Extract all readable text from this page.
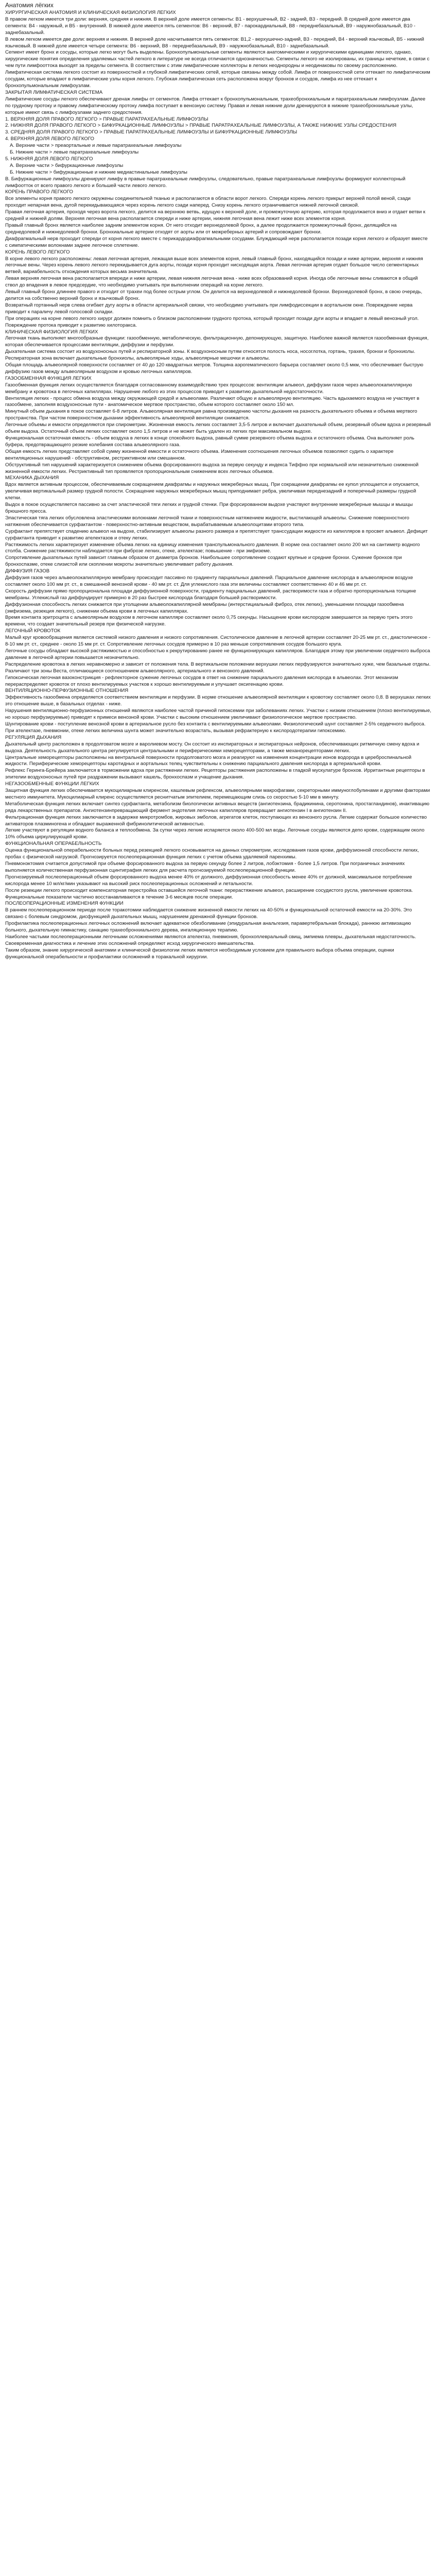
Анатомия лёгких
ХИРУРГИЧЕСКАЯ АНАТОМИЯ И КЛИНИЧЕСКАЯ ФИЗИОЛОГИЯ ЛЕГКИХ
В правом легком имеется три доли: верхняя, средняя и нижняя. В верхней доле имеется сегменты: В1 - верхушечный, В2 - задний, В3 - передний. В средней доле имеется два сегмента: В4 - наружный, и В5 - внутренний. В нижней доле имеется пять сегментов: В6 - верхний, В7 - парокардиальный, В8 - переднебазальный, В9 - наружнобазальный, В10 - заднебазальный.
В левом легком имеется две доли: верхняя и нижняя. В верхней доле насчитывается пять сегментов: В1,2 - верхушечно-задний, В3 - передний, В4 - верхний язычковый, В5 - нижний язычковый. В нижней доле имеется четыре сегмента: В6 - верхний, В8 - переднебазальный, В9 - наружнобазальный, В10 - заднебазальный.
Сегмент имеет бронх и сосуды, которые легко могут быть выделены. Бронхопульмональные сегменты являются анатомическими и хирургическими единицами легкого, однако, хирургические понятия определения удаляемых частей легкого в литературе не всегда отличаются однозначностью. Сегменты легкого не изолированы, их границы нечеткие, в связи с чем пути лимфооттока выходят за пределы сегмента. В соответствии с этим лимфатические коллекторы в легких неоднородны и неодинаковы по своему расположению.
Лимфатическая система легкого состоит из поверхностной и глубокой лимфатических сетей, которые связаны между собой. Лимфа от поверхностной сети оттекает по лимфатическим сосудам, которые впадают в лимфатические узлы корня легкого. Глубокая лимфатическая сеть расположена вокруг бронхов и сосудов, лимфа из нее оттекает к бронхопульмональным лимфоузлам.
ЗАКРЫТАЯ ЛИМФАТИЧЕСКАЯ СИСТЕМА
Лимфатические сосуды легкого обеспечивают дренаж лимфы от сегментов. Лимфа оттекает к бронхопульмональным, трахеобронхиальным и паратрахеальным лимфоузлам. Далее по грудному протоку и правому лимфатическому протоку лимфа поступает в венозную систему. Правая и левая нижние доли дренируются в нижние трахеобронхиальные узлы, которые имеют связь с лимфоузлами заднего средостения.
1. ВЕРХНЯЯ ДОЛЯ ПРАВОГО ЛЕГКОГО > ПРАВЫЕ ПАРАТРАХЕАЛЬНЫЕ ЛИМФОУЗЛЫ
2. НИЖНЯЯ ДОЛЯ ПРАВОГО ЛЕГКОГО > БИФУРКАЦИОННЫЕ ЛИМФОУЗЛЫ > ПРАВЫЕ ПАРАТРАХЕАЛЬНЫЕ ЛИМФОУЗЛЫ, А ТАКЖЕ НИЖНИЕ УЗЛЫ СРЕДОСТЕНИЯ
3. СРЕДНЯЯ ДОЛЯ ПРАВОГО ЛЕГКОГО > ПРАВЫЕ ПАРАТРАХЕАЛЬНЫЕ ЛИМФОУЗЛЫ И БИФУРКАЦИОННЫЕ ЛИМФОУЗЛЫ
4. ВЕРХНЯЯ ДОЛЯ ЛЕВОГО ЛЕГКОГО
А. Верхние части > преаортальные и левые паратрахеальные лимфоузлы
Б. Нижние части > левые паратрахеальные лимфоузлы
5. НИЖНЯЯ ДОЛЯ ЛЕВОГО ЛЕГКОГО
А. Верхние части > бифуркационные лимфоузлы
Б. Нижние части > бифуркационные и нижние медиастинальные лимфоузлы
В. Бифуркационные лимфоузлы дренируют лимфу в правые паратрахеальные лимфоузлы, следовательно, правые паратрахеальные лимфоузлы формируют коллекторный лимфоотток от всего правого легкого и большей части левого легкого.
КОРЕНЬ ПРАВОГО ЛЕГКОГО
Все элементы корня правого легкого окружены соединительной тканью и располагаются в области ворот легкого. Спереди корень легкого прикрыт верхней полой веной, сзади проходит непарная вена, дугой перекидывающаяся через корень легкого сзади наперед. Снизу корень легкого ограничивается нижней легочной связкой.
Правая легочная артерия, проходя через ворота легкого, делится на верхнюю ветвь, идущую к верхней доле, и промежуточную артерию, которая продолжается вниз и отдает ветви к средней и нижней долям. Верхняя легочная вена располагается спереди и ниже артерии, нижняя легочная вена лежит ниже всех элементов корня.
Правый главный бронх является наиболее задним элементом корня. От него отходит верхнедолевой бронх, а далее продолжается промежуточный бронх, делящийся на среднедолевой и нижнедолевой бронхи. Бронхиальные артерии отходят от аорты или от межреберных артерий и сопровождают бронхи.
Диафрагмальный нерв проходит спереди от корня легкого вместе с перикардодиафрагмальными сосудами. Блуждающий нерв располагается позади корня легкого и образует вместе с симпатическими волокнами заднее легочное сплетение.
КОРЕНЬ ЛЕВОГО ЛЕГКОГО
В корне левого легкого расположены: левая легочная артерия, лежащая выше всех элементов корня, левый главный бронх, находящийся позади и ниже артерии, верхняя и нижняя легочные вены. Через корень левого легкого перекидывается дуга аорты, позади корня проходит нисходящая аорта. Левая легочная артерия отдает большое число сегментарных ветвей, вариабельность отхождения которых весьма значительна.
Левая верхняя легочная вена располагается впереди и ниже артерии, левая нижняя легочная вена - ниже всех образований корня. Иногда обе легочные вены сливаются в общий ствол до впадения в левое предсердие, что необходимо учитывать при выполнении операций на корне легкого.
Левый главный бронх длиннее правого и отходит от трахеи под более острым углом. Он делится на верхнедолевой и нижнедолевой бронхи. Верхнедолевой бронх, в свою очередь, делится на собственно верхний бронх и язычковый бронх.
Возвратный гортанный нерв слева огибает дугу аорты в области артериальной связки, что необходимо учитывать при лимфодиссекции в аортальном окне. Повреждение нерва приводит к параличу левой голосовой складки.
При операциях на корне левого легкого хирург должен помнить о близком расположении грудного протока, который проходит позади дуги аорты и впадает в левый венозный угол. Повреждение протока приводит к развитию хилоторакса.
КЛИНИЧЕСКАЯ ФИЗИОЛОГИЯ ЛЕГКИХ
Легочная ткань выполняет многообразные функции: газообменную, метаболическую, фильтрационную, депонирующую, защитную. Наиболее важной является газообменная функция, которая обеспечивается процессами вентиляции, диффузии и перфузии.
Дыхательная система состоит из воздухоносных путей и респираторной зоны. К воздухоносным путям относятся полость носа, носоглотка, гортань, трахея, бронхи и бронхиолы. Респираторная зона включает дыхательные бронхиолы, альвеолярные ходы, альвеолярные мешочки и альвеолы.
Общая площадь альвеолярной поверхности составляет от 40 до 120 квадратных метров. Толщина аэрогематического барьера составляет около 0,5 мкм, что обеспечивает быструю диффузию газов между альвеолярным воздухом и кровью легочных капилляров.
ГАЗООБМЕННАЯ ФУНКЦИЯ ЛЕГКИХ
Газообменная функция легких осуществляется благодаря согласованному взаимодействию трех процессов: вентиляции альвеол, диффузии газов через альвеолокапиллярную мембрану и кровотока в легочных капиллярах. Нарушение любого из этих процессов приводит к развитию дыхательной недостаточности.
Вентиляция легких - процесс обмена воздуха между окружающей средой и альвеолами. Различают общую и альвеолярную вентиляцию. Часть вдыхаемого воздуха не участвует в газообмене, заполняя воздухоносные пути - анатомическое мертвое пространство, объем которого составляет около 150 мл.
Минутный объем дыхания в покое составляет 6-8 литров. Альвеолярная вентиляция равна произведению частоты дыхания на разность дыхательного объема и объема мертвого пространства. При частом поверхностном дыхании эффективность альвеолярной вентиляции снижается.
Легочные объемы и емкости определяются при спирометрии. Жизненная емкость легких составляет 3,5-5 литров и включает дыхательный объем, резервный объем вдоха и резервный объем выдоха. Остаточный объем легких составляет около 1,5 литров и не может быть удален из легких при максимальном выдохе.
Функциональная остаточная емкость - объем воздуха в легких в конце спокойного выдоха, равный сумме резервного объема выдоха и остаточного объема. Она выполняет роль буфера, предотвращающего резкие колебания состава альвеолярного газа.
Общая емкость легких представляет собой сумму жизненной емкости и остаточного объема. Изменения соотношения легочных объемов позволяют судить о характере вентиляционных нарушений - обструктивном, рестриктивном или смешанном.
Обструктивный тип нарушений характеризуется снижением объема форсированного выдоха за первую секунду и индекса Тиффно при нормальной или незначительно сниженной жизненной емкости легких. Рестриктивный тип проявляется пропорциональным снижением всех легочных объемов.
МЕХАНИКА ДЫХАНИЯ
Вдох является активным процессом, обеспечиваемым сокращением диафрагмы и наружных межреберных мышц. При сокращении диафрагмы ее купол уплощается и опускается, увеличивая вертикальный размер грудной полости. Сокращение наружных межреберных мышц приподнимает ребра, увеличивая переднезадний и поперечный размеры грудной клетки.
Выдох в покое осуществляется пассивно за счет эластической тяги легких и грудной стенки. При форсированном выдохе участвуют внутренние межреберные мышцы и мышцы брюшного пресса.
Эластическая тяга легких обусловлена эластическими волокнами легочной ткани и поверхностным натяжением жидкости, выстилающей альвеолы. Снижение поверхностного натяжения обеспечивается сурфактантом - поверхностно-активным веществом, вырабатываемым альвеолоцитами второго типа.
Сурфактант препятствует спадению альвеол на выдохе, стабилизирует альвеолы разного размера и препятствует транссудации жидкости из капилляров в просвет альвеол. Дефицит сурфактанта приводит к развитию ателектазов и отеку легких.
Растяжимость легких характеризует изменение объема легких на единицу изменения транспульмонального давления. В норме она составляет около 200 мл на сантиметр водного столба. Снижение растяжимости наблюдается при фиброзе легких, отеке, ателектазе; повышение - при эмфиземе.
Сопротивление дыхательных путей зависит главным образом от диаметра бронхов. Наибольшее сопротивление создают крупные и средние бронхи. Сужение бронхов при бронхоспазме, отеке слизистой или скоплении мокроты значительно увеличивает работу дыхания.
ДИФФУЗИЯ ГАЗОВ
Диффузия газов через альвеолокапиллярную мембрану происходит пассивно по градиенту парциальных давлений. Парциальное давление кислорода в альвеолярном воздухе составляет около 100 мм рт. ст., в смешанной венозной крови - 40 мм рт. ст. Для углекислого газа эти величины составляют соответственно 40 и 46 мм рт. ст.
Скорость диффузии прямо пропорциональна площади диффузионной поверхности, градиенту парциальных давлений, растворимости газа и обратно пропорциональна толщине мембраны. Углекислый газ диффундирует примерно в 20 раз быстрее кислорода благодаря большей растворимости.
Диффузионная способность легких снижается при утолщении альвеолокапиллярной мембраны (интерстициальный фиброз, отек легких), уменьшении площади газообмена (эмфизема, резекция легкого), снижении объема крови в легочных капиллярах.
Время контакта эритроцита с альвеолярным воздухом в легочном капилляре составляет около 0,75 секунды. Насыщение крови кислородом завершается за первую треть этого времени, что создает значительный резерв при физической нагрузке.
ЛЕГОЧНЫЙ КРОВОТОК
Малый круг кровообращения является системой низкого давления и низкого сопротивления. Систолическое давление в легочной артерии составляет 20-25 мм рт. ст., диастолическое - 8-10 мм рт. ст., среднее - около 15 мм рт. ст. Сопротивление легочных сосудов примерно в 10 раз меньше сопротивления сосудов большого круга.
Легочные сосуды обладают высокой растяжимостью и способностью к рекрутированию ранее не функционирующих капилляров. Благодаря этому при увеличении сердечного выброса давление в легочной артерии повышается незначительно.
Распределение кровотока в легких неравномерно и зависит от положения тела. В вертикальном положении верхушки легких перфузируются значительно хуже, чем базальные отделы. Различают три зоны Веста, отличающиеся соотношением альвеолярного, артериального и венозного давлений.
Гипоксическая легочная вазоконстрикция - рефлекторное сужение легочных сосудов в ответ на снижение парциального давления кислорода в альвеолах. Этот механизм перераспределяет кровоток от плохо вентилируемых участков к хорошо вентилируемым и улучшает оксигенацию крови.
ВЕНТИЛЯЦИОННО-ПЕРФУЗИОННЫЕ ОТНОШЕНИЯ
Эффективность газообмена определяется соответствием вентиляции и перфузии. В норме отношение альвеолярной вентиляции к кровотоку составляет около 0,8. В верхушках легких это отношение выше, в базальных отделах - ниже.
Нарушения вентиляционно-перфузионных отношений являются наиболее частой причиной гипоксемии при заболеваниях легких. Участки с низким отношением (плохо вентилируемые, но хорошо перфузируемые) приводят к примеси венозной крови. Участки с высоким отношением увеличивают физиологическое мертвое пространство.
Шунтирование крови - поступление венозной крови в артериальное русло без контакта с вентилируемыми альвеолами. Физиологический шунт составляет 2-5% сердечного выброса. При ателектазе, пневмонии, отеке легких величина шунта может значительно возрастать, вызывая рефрактерную к кислородотерапии гипоксемию.
РЕГУЛЯЦИЯ ДЫХАНИЯ
Дыхательный центр расположен в продолговатом мозге и варолиевом мосту. Он состоит из инспираторных и экспираторных нейронов, обеспечивающих ритмичную смену вдоха и выдоха. Деятельность дыхательного центра регулируется центральными и периферическими хеморецепторами, а также механорецепторами легких.
Центральные хеморецепторы расположены на вентральной поверхности продолговатого мозга и реагируют на изменения концентрации ионов водорода в цереброспинальной жидкости. Периферические хеморецепторы каротидных и аортальных телец чувствительны к снижению парциального давления кислорода в артериальной крови.
Рефлекс Геринга-Брейера заключается в торможении вдоха при растяжении легких. Рецепторы растяжения расположены в гладкой мускулатуре бронхов. Ирритантные рецепторы в эпителии воздухоносных путей при раздражении вызывают кашель, бронхоспазм и учащение дыхания.
НЕГАЗООБМЕННЫЕ ФУНКЦИИ ЛЕГКИХ
Защитная функция легких обеспечивается мукоцилиарным клиренсом, кашлевым рефлексом, альвеолярными макрофагами, секреторными иммуноглобулинами и другими факторами местного иммунитета. Мукоцилиарный клиренс осуществляется реснитчатым эпителием, перемещающим слизь со скоростью 5-10 мм в минуту.
Метаболическая функция легких включает синтез сурфактанта, метаболизм биологически активных веществ (ангиотензина, брадикинина, серотонина, простагландинов), инактивацию ряда лекарственных препаратов. Ангиотензинпревращающий фермент эндотелия легочных капилляров превращает ангиотензин I в ангиотензин II.
Фильтрационная функция легких заключается в задержке микротромбов, жировых эмболов, агрегатов клеток, поступающих из венозного русла. Легкие содержат большое количество активаторов плазминогена и обладают выраженной фибринолитической активностью.
Легкие участвуют в регуляции водного баланса и теплообмена. За сутки через легкие испаряется около 400-500 мл воды. Легочные сосуды являются депо крови, содержащим около 10% объема циркулирующей крови.
ФУНКЦИОНАЛЬНАЯ ОПЕРАБЕЛЬНОСТЬ
Оценка функциональной операбельности больных перед резекцией легкого основывается на данных спирометрии, исследования газов крови, диффузионной способности легких, пробах с физической нагрузкой. Прогнозируется послеоперационная функция легких с учетом объема удаляемой паренхимы.
Пневмонэктомия считается допустимой при объеме форсированного выдоха за первую секунду более 2 литров, лобэктомия - более 1,5 литров. При пограничных значениях выполняется количественная перфузионная сцинтиграфия легких для расчета прогнозируемой послеоперационной функции.
Прогнозируемый послеоперационный объем форсированного выдоха менее 40% от должного, диффузионная способность менее 40% от должной, максимальное потребление кислорода менее 10 мл/кг/мин указывают на высокий риск послеоперационных осложнений и летальности.
После резекции легкого происходит компенсаторная перестройка оставшейся легочной ткани: перерастяжение альвеол, расширение сосудистого русла, увеличение кровотока. Функциональные показатели частично восстанавливаются в течение 3-6 месяцев после операции.
ПОСЛЕОПЕРАЦИОННЫЕ ИЗМЕНЕНИЯ ФУНКЦИИ
В раннем послеоперационном периоде после торакотомии наблюдается снижение жизненной емкости легких на 40-50% и функциональной остаточной емкости на 20-30%. Это связано с болевым синдромом, дисфункцией дыхательных мышц, нарушением дренажной функции бронхов.
Профилактика послеоперационных легочных осложнений включает адекватное обезболивание (эпидуральная анальгезия, паравертебральная блокада), раннюю активизацию больного, дыхательную гимнастику, санацию трахеобронхиального дерева, ингаляционную терапию.
Наиболее частыми послеоперационными легочными осложнениями являются ателектаз, пневмония, бронхоплевральный свищ, эмпиема плевры, дыхательная недостаточность. Своевременная диагностика и лечение этих осложнений определяют исход хирургического вмешательства.
Таким образом, знание хирургической анатомии и клинической физиологии легких является необходимым условием для правильного выбора объема операции, оценки функциональной операбельности и профилактики осложнений в торакальной хирургии.
